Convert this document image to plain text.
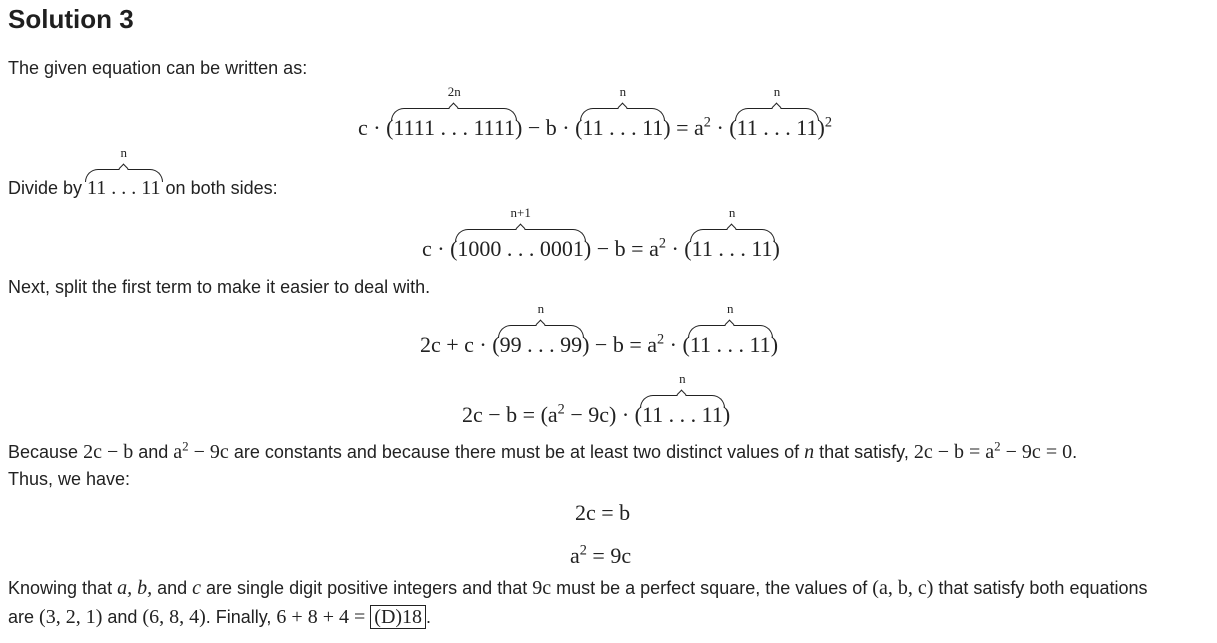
Solution 3
The given equation can be written as:
c · (
2n
1111 . . . 1111) − b · (
n
11 . . . $11) = a^2$ · (
n
11 . . . 11)$^2$
Divide by
n
11 . . . 11 on both sides:
c · (
n+1
1000 . . . $0001) - b = a^2$ · (
n
11 . . . 11)
Next, split the first term to make it easier to deal with.
2c + c · (
n
99 . . . $99) - b = a^2$ · (
n
11 . . . 11)
$2c - b = (a^2 - 9c)$ · (
n
11 . . . 11)
Because 2c − b and $a^2 - 9c$ are constants and because there must be at least two distinct values of n that satisfy, $2c - b = a^2 - 9c = 0$.
Thus, we have:
2c = b
$a^2 = 9c$
Knowing that a, b, and c are single digit positive integers and that 9c must be a perfect square, the values of (a, b, c) that satisfy both equations
are (3, 2, 1) and (6, 8, 4). Finally, 6 + 8 + 4 = (D)18 .
